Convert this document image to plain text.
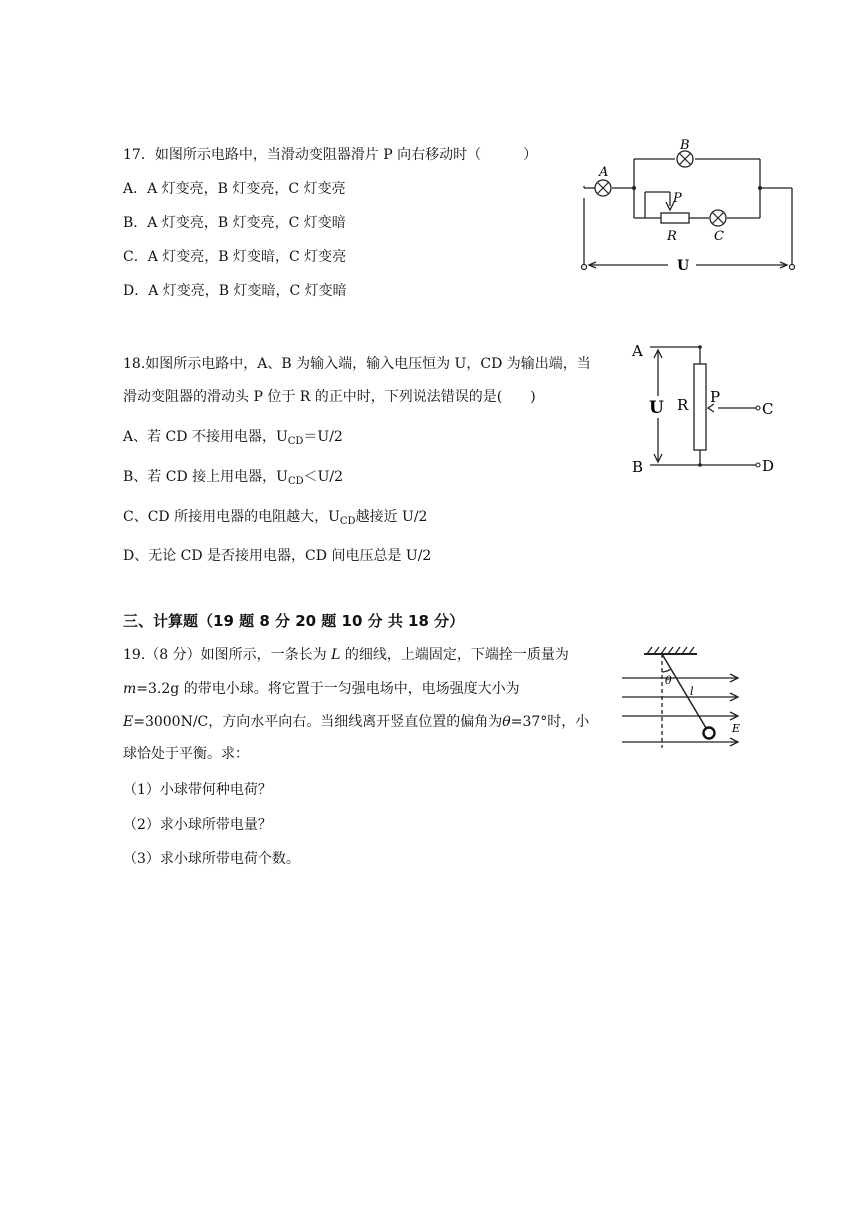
17．如图所示电路中，当滑动变阻器滑片 P 向右移动时（　　　）
A．A 灯变亮，B 灯变亮，C 灯变亮
B．A 灯变亮，B 灯变亮，C 灯变暗
C．A 灯变亮，B 灯变暗，C 灯变亮
D．A 灯变亮，B 灯变暗，C 灯变暗
A
B
C
R
P
U
18.如图所示电路中，A、B 为输入端，输入电压恒为 U，CD 为输出端，当
滑动变阻器的滑动头 P 位于 R 的正中时，下列说法错误的是(　　)
A、若 CD 不接用电器，$U_{CD}=U/2$
B、若 CD 接上用电器，$U_{CD}<U/2$
C、CD 所接用电器的电阻越大，$U_{CD}$越接近 U/2
D、无论 CD 是否接用电器，CD 间电压总是 U/2
A
B
C
D
U R P
三、计算题（19 题 8 分 20 题 10 分 共 18 分）
19.（8 分）如图所示，一条长为 L 的细线，上端固定，下端拴一质量为
m=3.2g 的带电小球。将它置于一匀强电场中，电场强度大小为
E=3000N/C，方向水平向右。当细线离开竖直位置的偏角为θ=37°时，小
球恰处于平衡。求：
（1）小球带何种电荷？
（2）求小球所带电量？
（3）求小球所带电荷个数。
θ
l
E
